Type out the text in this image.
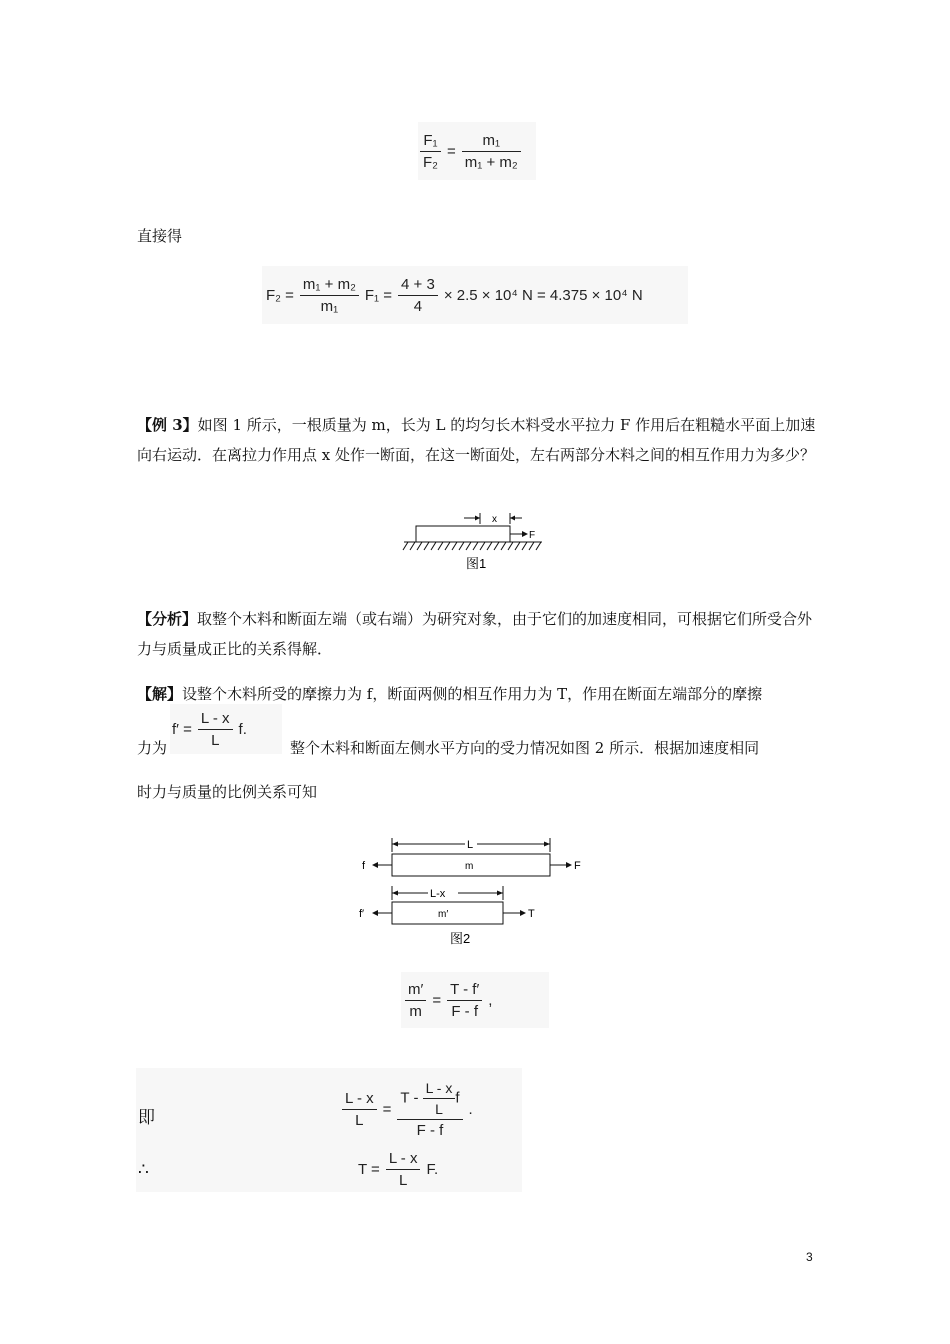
$\frac{\text{F₁}}{\text{F₂}} = \frac{\text{m₁}}{\text{m₁ + m₂}}$
直接得
$F_2 = \frac{\text{m₁ + m₂}}{\text{m₁}} F_1 = \frac{4 + 3}{4} \times 2.5 \times 10^4$ N = 4.375 × 10⁴ N
【例 3】如图 1 所示，一根质量为 m，长为 L 的均匀长木料受水平拉力 F 作用后在粗糙水平面上加速向右运动．在离拉力作用点 x 处作一断面，在这一断面处，左右两部分木料之间的相互作用力为多少？
x
F
图1
【分析】取整个木料和断面左端（或右端）为研究对象，由于它们的加速度相同，可根据它们所受合外力与质量成正比的关系得解．
【解】设整个木料所受的摩擦力为 f，断面两侧的相互作用力为 T，作用在断面左端部分的摩擦
力为
$f' = \frac{L - x}{L} f$.
整个木料和断面左侧水平方向的受力情况如图 2 所示．根据加速度相同
时力与质量的比例关系可知
L
m
f	F
L-x
m′
f′	T
图2
$\frac{m'}{m} = \frac{T - f'}{F - f}$ ,
即	$\frac{L - x}{L} = \frac{T - \frac{L - x}{L} f}{F - f}$ .
∴	$T = \frac{L - x}{L} F$.
3
